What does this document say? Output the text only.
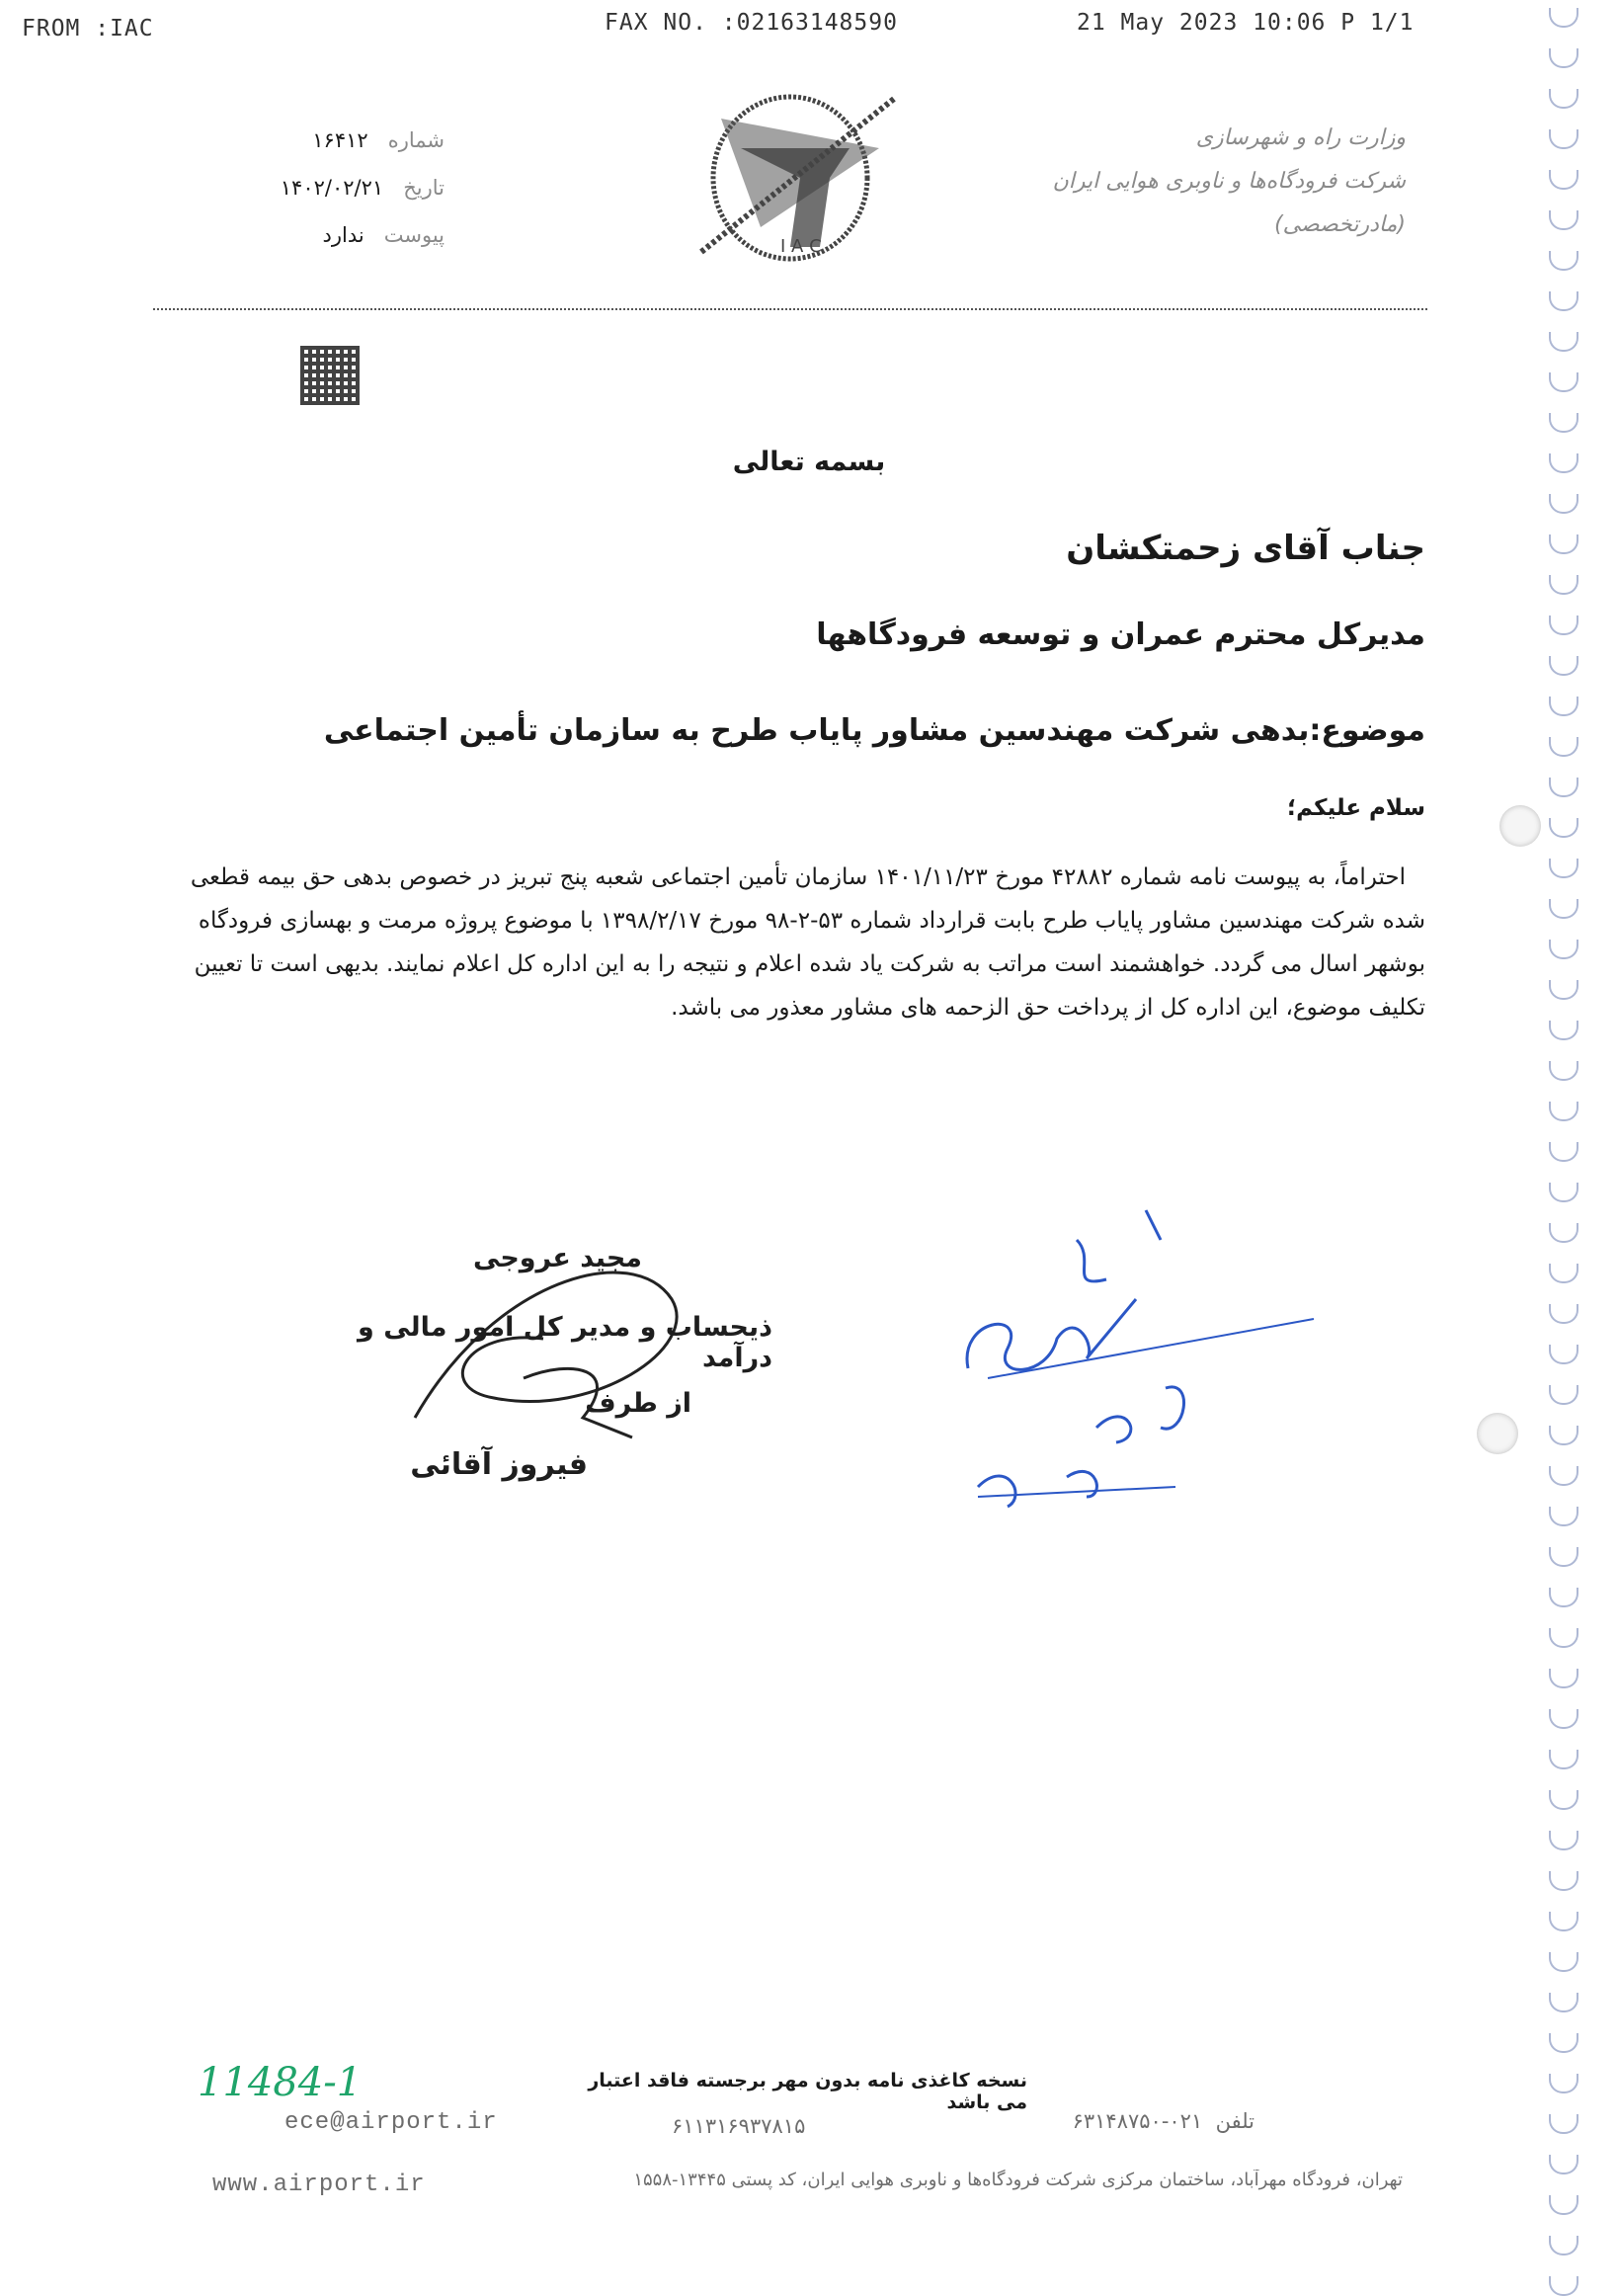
FROM :IAC	FAX NO. :02163148590	21 May 2023 10:06 P 1/1
شماره   ۱۶۴۱۲
تاریخ   ۱۴۰۲/۰۲/۲۱
پیوست   ندارد	I A C
وزارت راه و شهرسازی
شرکت فرودگاه‌ها و ناوبری هوایی ایران (مادرتخصصی)
بسمه تعالی
جناب آقای زحمتکشان
مدیرکل محترم عمران و توسعه فرودگاهها
موضوع:بدهی شرکت مهندسین مشاور پایاب طرح به سازمان تأمین اجتماعی
سلام علیکم؛
احتراماً، به پیوست نامه شماره ۴۲۸۸۲ مورخ ۱۴۰۱/۱۱/۲۳ سازمان تأمین اجتماعی شعبه پنج تبریز در خصوص بدهی حق بیمه قطعی
شده شرکت مهندسین مشاور پایاب طرح بابت قرارداد شماره ۵۳-۲-۹۸ مورخ ۱۳۹۸/۲/۱۷ با موضوع پروژه مرمت و بهسازی فرودگاه
بوشهر اسال می گردد. خواهشمند است مراتب به شرکت یاد شده اعلام و نتیجه را به این اداره کل اعلام نمایند. بدیهی است تا تعیین
تکلیف موضوع، این اداره کل از پرداخت حق الزحمه های مشاور معذور می باشد.
مجید عروجی
ذیحساب و مدیر کل امور مالی و درآمد
از طرف
فیروز آقائی
11484-1	نسخه کاغذی نامه بدون مهر برجسته فاقد اعتبار می باشد
ece@airport.ir	تلفن  ۰۲۱-۶۳۱۴۸۷۵۰
۶۱۱۳۱۶۹۳۷۸۱۵
www.airport.ir	تهران، فرودگاه مهرآباد، ساختمان مرکزی شرکت فرودگاه‌ها و ناوبری هوایی ایران، کد پستی ۱۳۴۴۵-۱۵۵۸
